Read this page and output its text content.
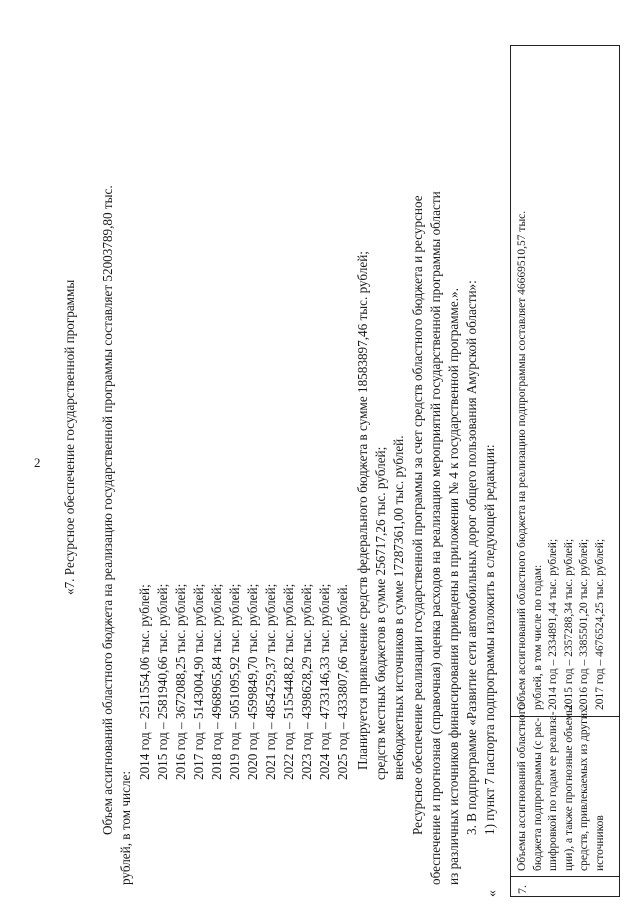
2 «7. Ресурсное обеспечение государственной программы Объем ассигнований областного бюджета на реализацию государственной программы составляет 52003789,80 тыс. рублей, в том числе:
2014 год – 2511554,06 тыс. рублей; 2015 год – 2581940,66 тыс. рублей; 2016 год – 3672088,25 тыс. рублей; 2017 год – 5143004,90 тыс. рублей; 2018 год – 4968965,84 тыс. рублей; 2019 год – 5051095,92 тыс. рублей; 2020 год – 4599849,70 тыс. рублей; 2021 год – 4854259,37 тыс. рублей; 2022 год – 5155448,82 тыс. рублей; 2023 год – 4398628,29 тыс. рублей; 2024 год – 4733146,33 тыс. рублей; 2025 год – 4333807,66 тыс. рублей. Планируется привлечение средств федерального бюджета в сумме 18583897,46 тыс. рублей; средств местных бюджетов в сумме 256717,26 тыс. рублей; внебюджетных источников в сумме 17287361,00 тыс. рублей. Ресурсное обеспечение реализации государственной программы за счет средств областного бюджета и ресурсное обеспечение и прогнозная (справочная) оценка расходов на реализацию мероприятий государственной программы области из различных источников финансирования приведены в приложении № 4 к государственной программе.». 3. В подпрограмме «Развитие сети автомобильных дорог общего пользования Амурской области»: 1) пункт 7 паспорта подпрограммы изложить в следующей редакции:
«	7.
Объемы ассигнований областного бюджета подпрограммы (с рас- шифровкой по годам ее реализа- ции), а также прогнозные объемы средств, привлекаемых из других источников
Объем ассигнований областного бюджета на реализацию подпрограммы составляет 46669510,57 тыс. рублей, в том числе по годам: 2014 год – 2334891,44 тыс. рублей; 2015 год – 2357288,34 тыс. рублей; 2016 год – 3385501,20 тыс. рублей; 2017 год – 4676524,25 тыс. рублей;
